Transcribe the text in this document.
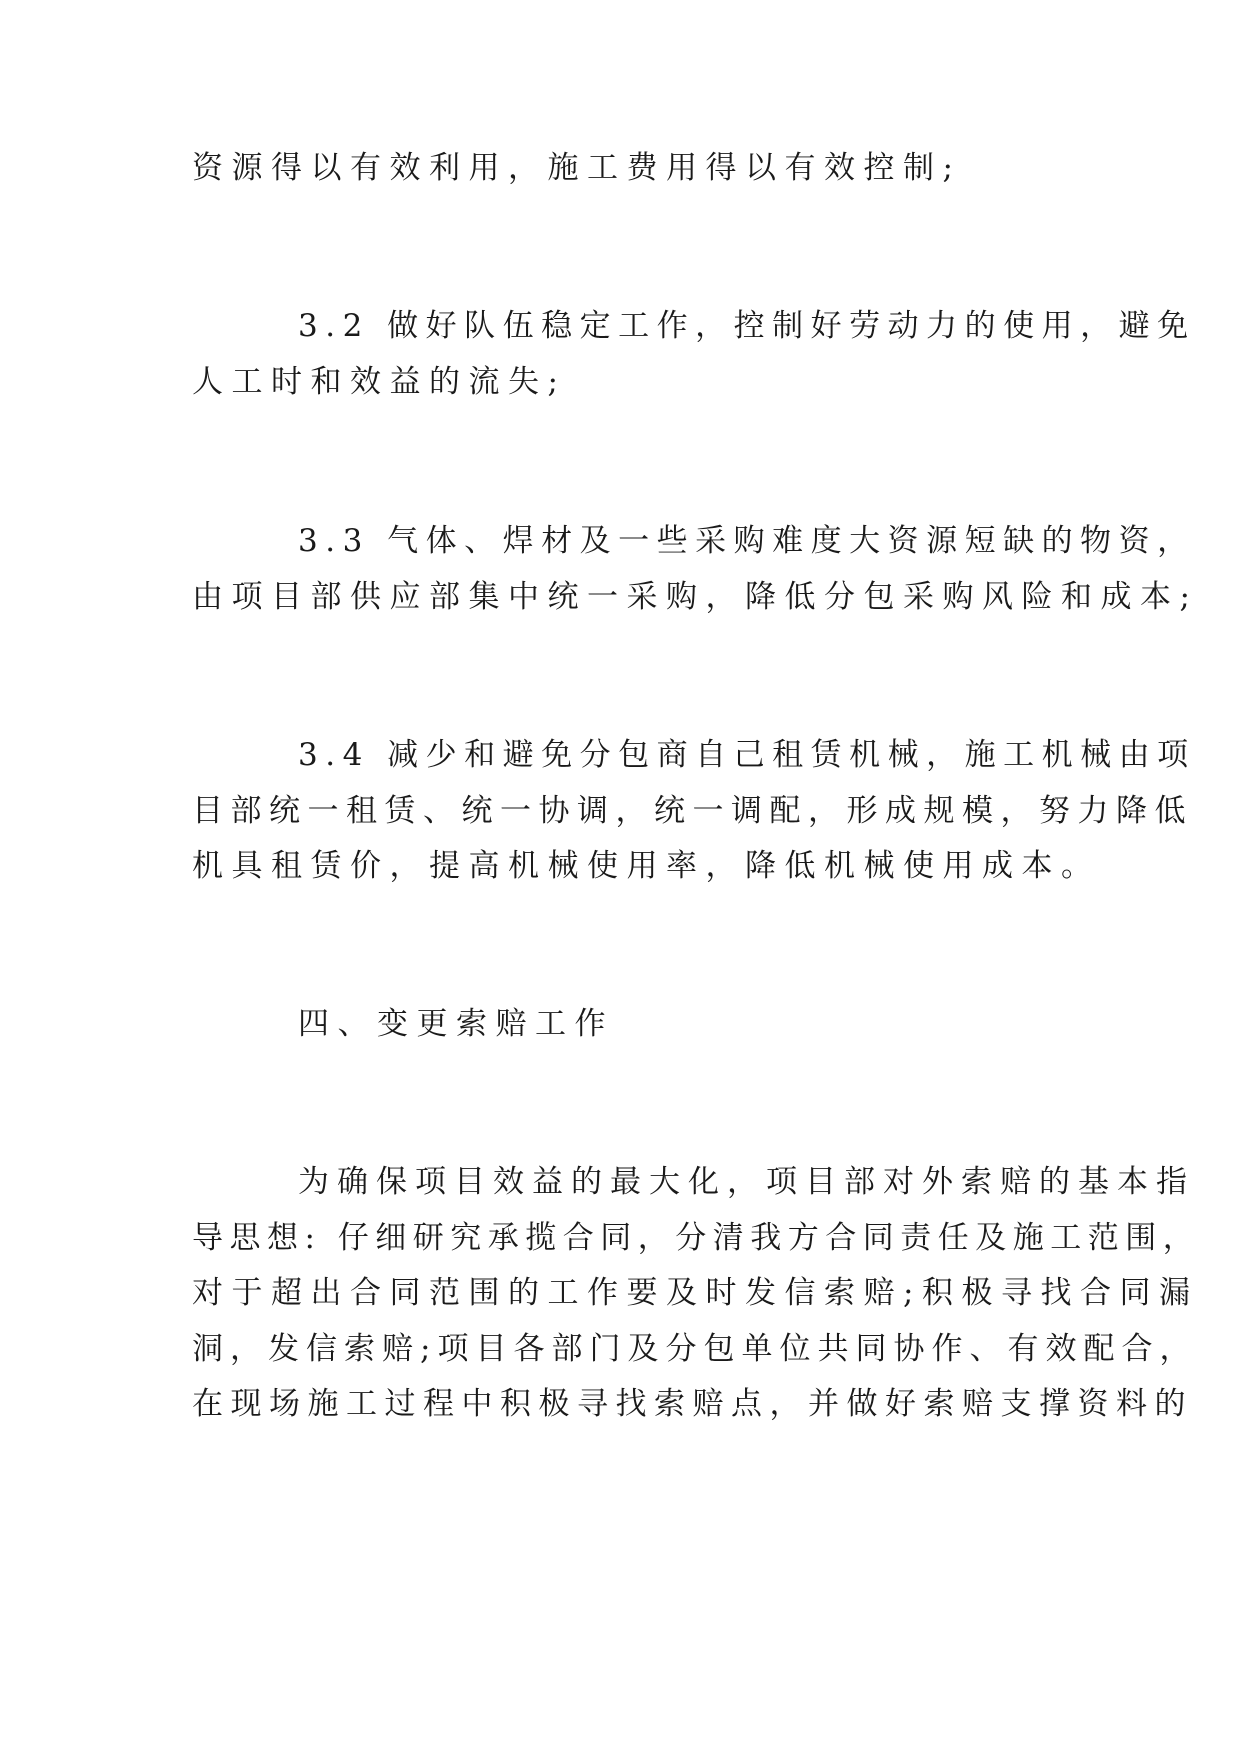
资源得以有效利用，施工费用得以有效控制;
3.2 做好队伍稳定工作，控制好劳动力的使用，避免
人工时和效益的流失;
3.3 气体、焊材及一些采购难度大资源短缺的物资，
由项目部供应部集中统一采购，降低分包采购风险和成本;
3.4 减少和避免分包商自己租赁机械，施工机械由项
目部统一租赁、统一协调，统一调配，形成规模，努力降低
机具租赁价，提高机械使用率，降低机械使用成本。
四、变更索赔工作
为确保项目效益的最大化，项目部对外索赔的基本指
导思想: 仔细研究承揽合同，分清我方合同责任及施工范围，
对于超出合同范围的工作要及时发信索赔;积极寻找合同漏
洞，发信索赔;项目各部门及分包单位共同协作、有效配合，
在现场施工过程中积极寻找索赔点，并做好索赔支撑资料的
